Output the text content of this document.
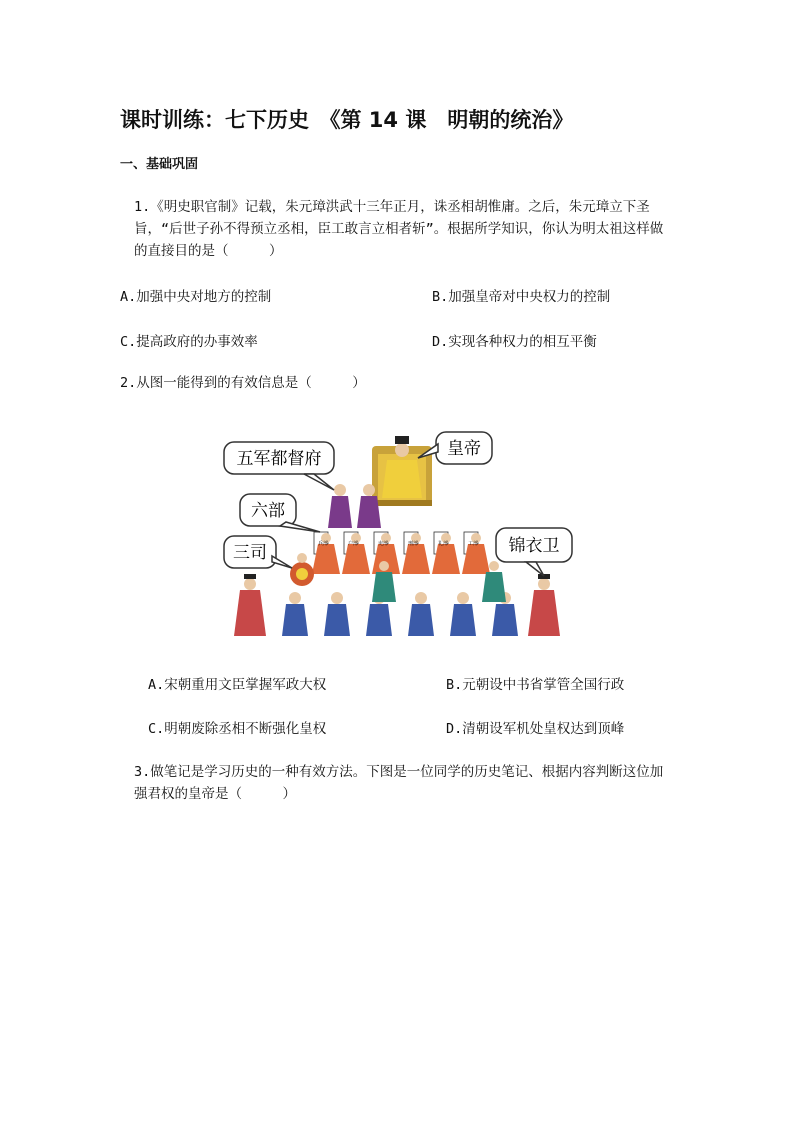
课时训练：七下历史　《第 14 课　明朝的统治》
一、基础巩固
1.《明史职官制》记载，朱元璋洪武十三年正月，诛丞相胡惟庸。之后，朱元璋立下圣旨，“后世子孙不得预立丞相，臣工敢言立相者斩”。根据所学知识，你认为明太祖这样做的直接目的是（　　　）
A.加强中央对地方的控制	B.加强皇帝对中央权力的控制
C.提高政府的办事效率	D.实现各种权力的相互平衡
2.从图一能得到的有效信息是（　　　）
兵部	户部	吏部	刑部	礼部	工部
五军都督府	皇帝
六部
三司	锦衣卫
A.宋朝重用文臣掌握军政大权	B.元朝设中书省掌管全国行政
C.明朝废除丞相不断强化皇权	D.清朝设军机处皇权达到顶峰
3.做笔记是学习历史的一种有效方法。下图是一位同学的历史笔记、根据内容判断这位加强君权的皇帝是（　　　）
